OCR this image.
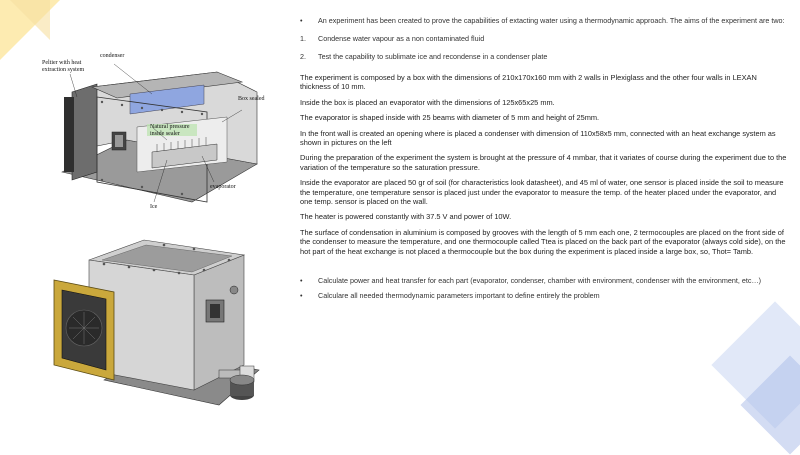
Peltier with heat extraction system
condenser
Box sealed
Natural pressure inside sealer
Ice
evaporator
• An experiment has been created to prove the capabilities of extacting water using a thermodynamic approach. The aims of the experiment are two:
1. Condense water vapour as a non contaminated fluid
2. Test the capability to sublimate ice and recondense in a condenser plate
The experiment is composed by a box with the dimensions of 210x170x160 mm with 2 walls in Plexiglass and the other four walls in LEXAN thickness of 10 mm.
Inside the box is placed an evaporator with the dimensions of 125x65x25 mm.
The evaporator is shaped inside with 25 beams with diameter of 5 mm and height of 25mm.
In the front wall is created an opening where is placed a condenser with dimension of 110x58x5 mm, connected with an heat exchange system as shown in pictures on the left
During the preparation of the experiment the system is brought at the pressure of 4 mmbar, that it variates of course during the experiment due to the variation of the temperature so the saturation pressure.
Inside the evaporator are placed 50 gr of soil (for characteristics look datasheet), and 45 ml of water, one sensor is placed inside the soil to measure the temperature, one temperature sensor is placed just under the evaporator to measure the temp. of the heater placed under the evaporator, and one temp. sensor is placed on the wall.
The heater is powered constantly with 37.5 V and power of 10W.
The surface of condensation in aluminium is composed by grooves with the length of 5 mm each one, 2 termocouples are placed on the front side of the condenser to measure the temperature, and one thermocouple called Ttea is placed on the back part of the evaporator (always cold side), on the hot part of the heat exchange is not placed a thermocouple but the box during the experiment is placed inside a large box, so, Thot= Tamb.
• Calculate power and heat transfer for each part (evaporator, condenser, chamber with environment, condenser with the environment, etc…)
• Calculare all needed thermodynamic parameters important to define entirely the problem
